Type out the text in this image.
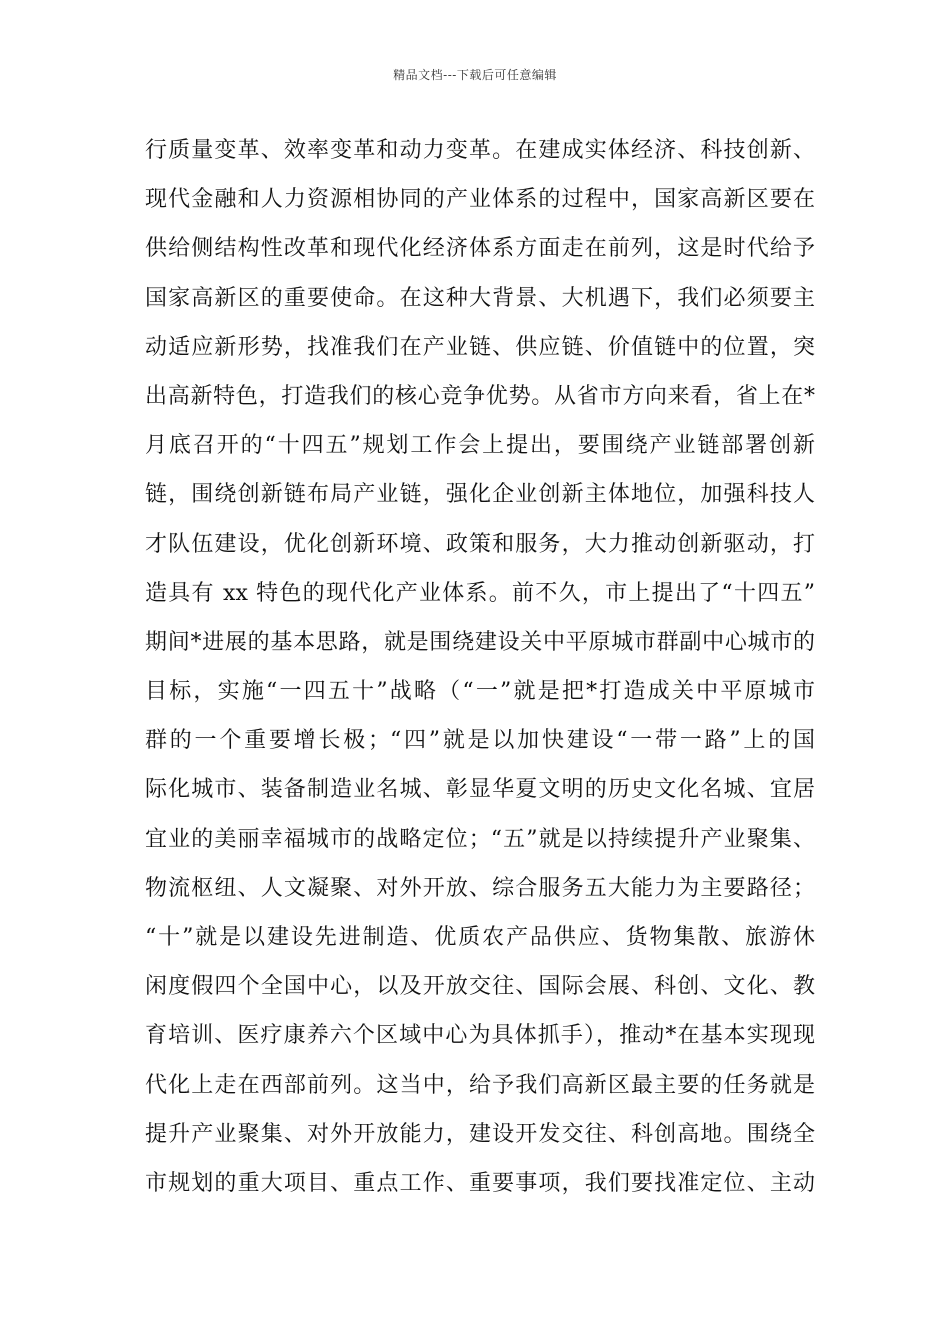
精品文档---下载后可任意编辑
行质量变革、效率变革和动力变革。在建成实体经济、科技创新、
现代金融和人力资源相协同的产业体系的过程中，国家高新区要在
供给侧结构性改革和现代化经济体系方面走在前列，这是时代给予
国家高新区的重要使命。在这种大背景、大机遇下，我们必须要主
动适应新形势，找准我们在产业链、供应链、价值链中的位置，突
出高新特色，打造我们的核心竞争优势。从省市方向来看，省上在*
月底召开的“十四五”规划工作会上提出，要围绕产业链部署创新
链，围绕创新链布局产业链，强化企业创新主体地位，加强科技人
才队伍建设，优化创新环境、政策和服务，大力推动创新驱动，打
造具有 xx 特色的现代化产业体系。前不久，市上提出了“十四五”
期间*进展的基本思路，就是围绕建设关中平原城市群副中心城市的
目标，实施“一四五十”战略（“一”就是把*打造成关中平原城市
群的一个重要增长极；“四”就是以加快建设“一带一路”上的国
际化城市、装备制造业名城、彰显华夏文明的历史文化名城、宜居
宜业的美丽幸福城市的战略定位；“五”就是以持续提升产业聚集、
物流枢纽、人文凝聚、对外开放、综合服务五大能力为主要路径；
“十”就是以建设先进制造、优质农产品供应、货物集散、旅游休
闲度假四个全国中心，以及开放交往、国际会展、科创、文化、教
育培训、医疗康养六个区域中心为具体抓手），推动*在基本实现现
代化上走在西部前列。这当中，给予我们高新区最主要的任务就是
提升产业聚集、对外开放能力，建设开发交往、科创高地。围绕全
市规划的重大项目、重点工作、重要事项，我们要找准定位、主动
